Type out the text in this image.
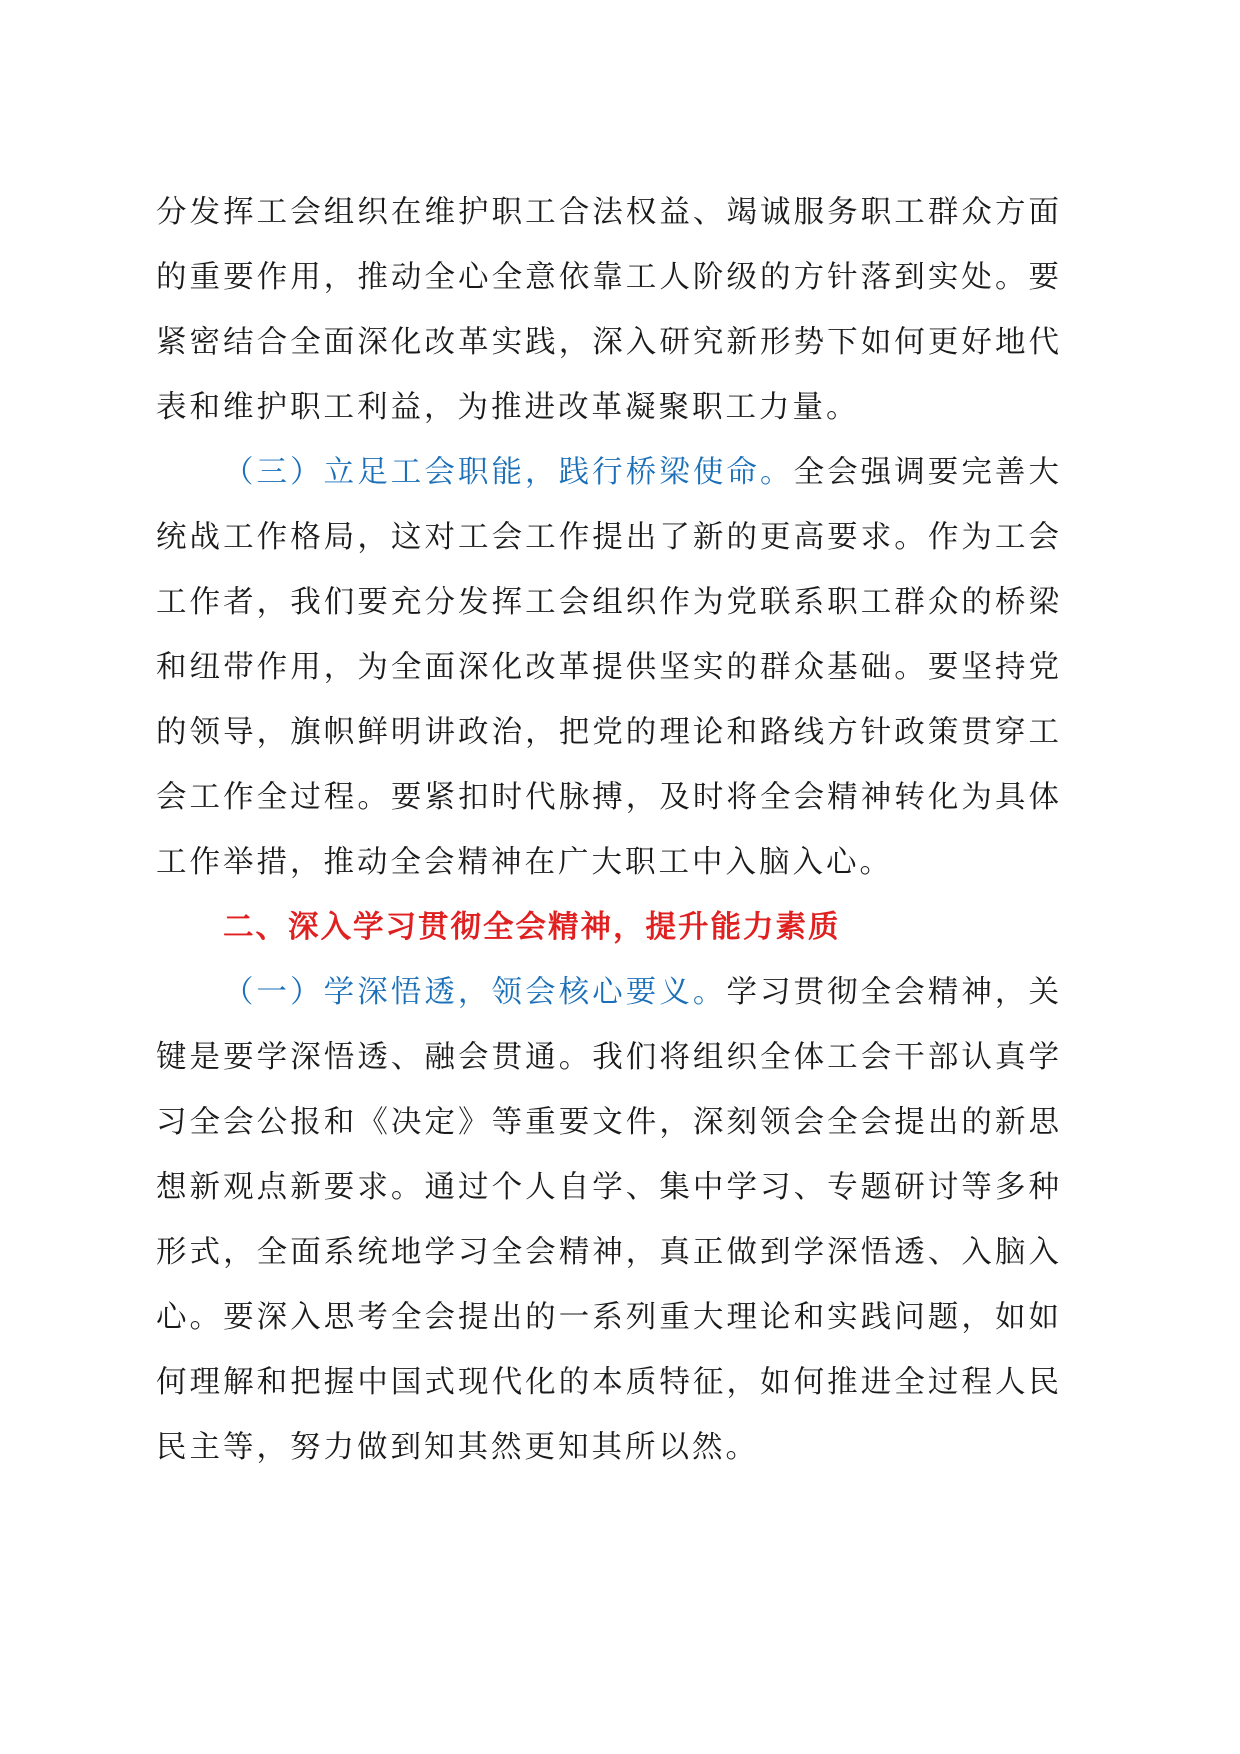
分发挥工会组织在维护职工合法权益、竭诚服务职工群众方面的重要作用，推动全心全意依靠工人阶级的方针落到实处。要紧密结合全面深化改革实践，深入研究新形势下如何更好地代表和维护职工利益，为推进改革凝聚职工力量。

（三）立足工会职能，践行桥梁使命。全会强调要完善大统战工作格局，这对工会工作提出了新的更高要求。作为工会工作者，我们要充分发挥工会组织作为党联系职工群众的桥梁和纽带作用，为全面深化改革提供坚实的群众基础。要坚持党的领导，旗帜鲜明讲政治，把党的理论和路线方针政策贯穿工会工作全过程。要紧扣时代脉搏，及时将全会精神转化为具体工作举措，推动全会精神在广大职工中入脑入心。

二、深入学习贯彻全会精神，提升能力素质

（一）学深悟透，领会核心要义。学习贯彻全会精神，关键是要学深悟透、融会贯通。我们将组织全体工会干部认真学习全会公报和《决定》等重要文件，深刻领会全会提出的新思想新观点新要求。通过个人自学、集中学习、专题研讨等多种形式，全面系统地学习全会精神，真正做到学深悟透、入脑入心。要深入思考全会提出的一系列重大理论和实践问题，如如何理解和把握中国式现代化的本质特征，如何推进全过程人民民主等，努力做到知其然更知其所以然。
